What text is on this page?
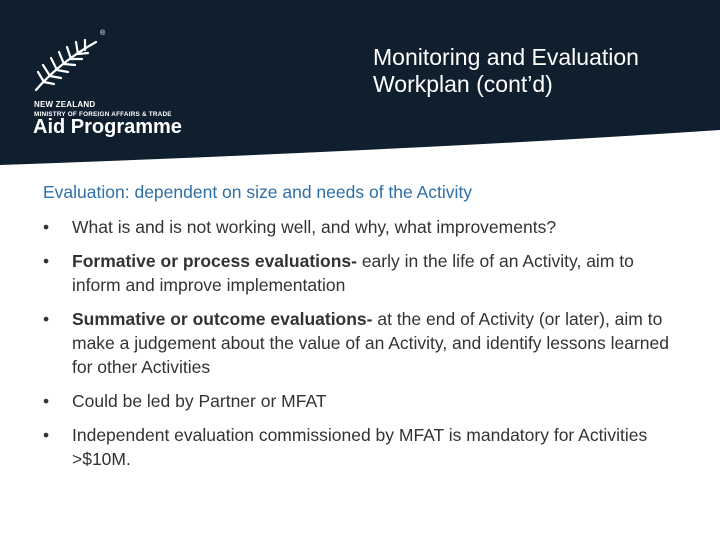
®
NEW ZEALAND
MINISTRY OF FOREIGN AFFAIRS & TRADE
Aid Programme
Monitoring and Evaluation
Workplan (cont’d)

Evaluation: dependent on size and needs of the Activity

• What is and is not working well, and why, what improvements?
• Formative or process evaluations- early in the life of an Activity, aim to inform and improve implementation
• Summative or outcome evaluations- at the end of Activity (or later), aim to make a judgement about the value of an Activity, and identify lessons learned for other Activities
• Could be led by Partner or MFAT
• Independent evaluation commissioned by MFAT is mandatory for Activities >$10M.
